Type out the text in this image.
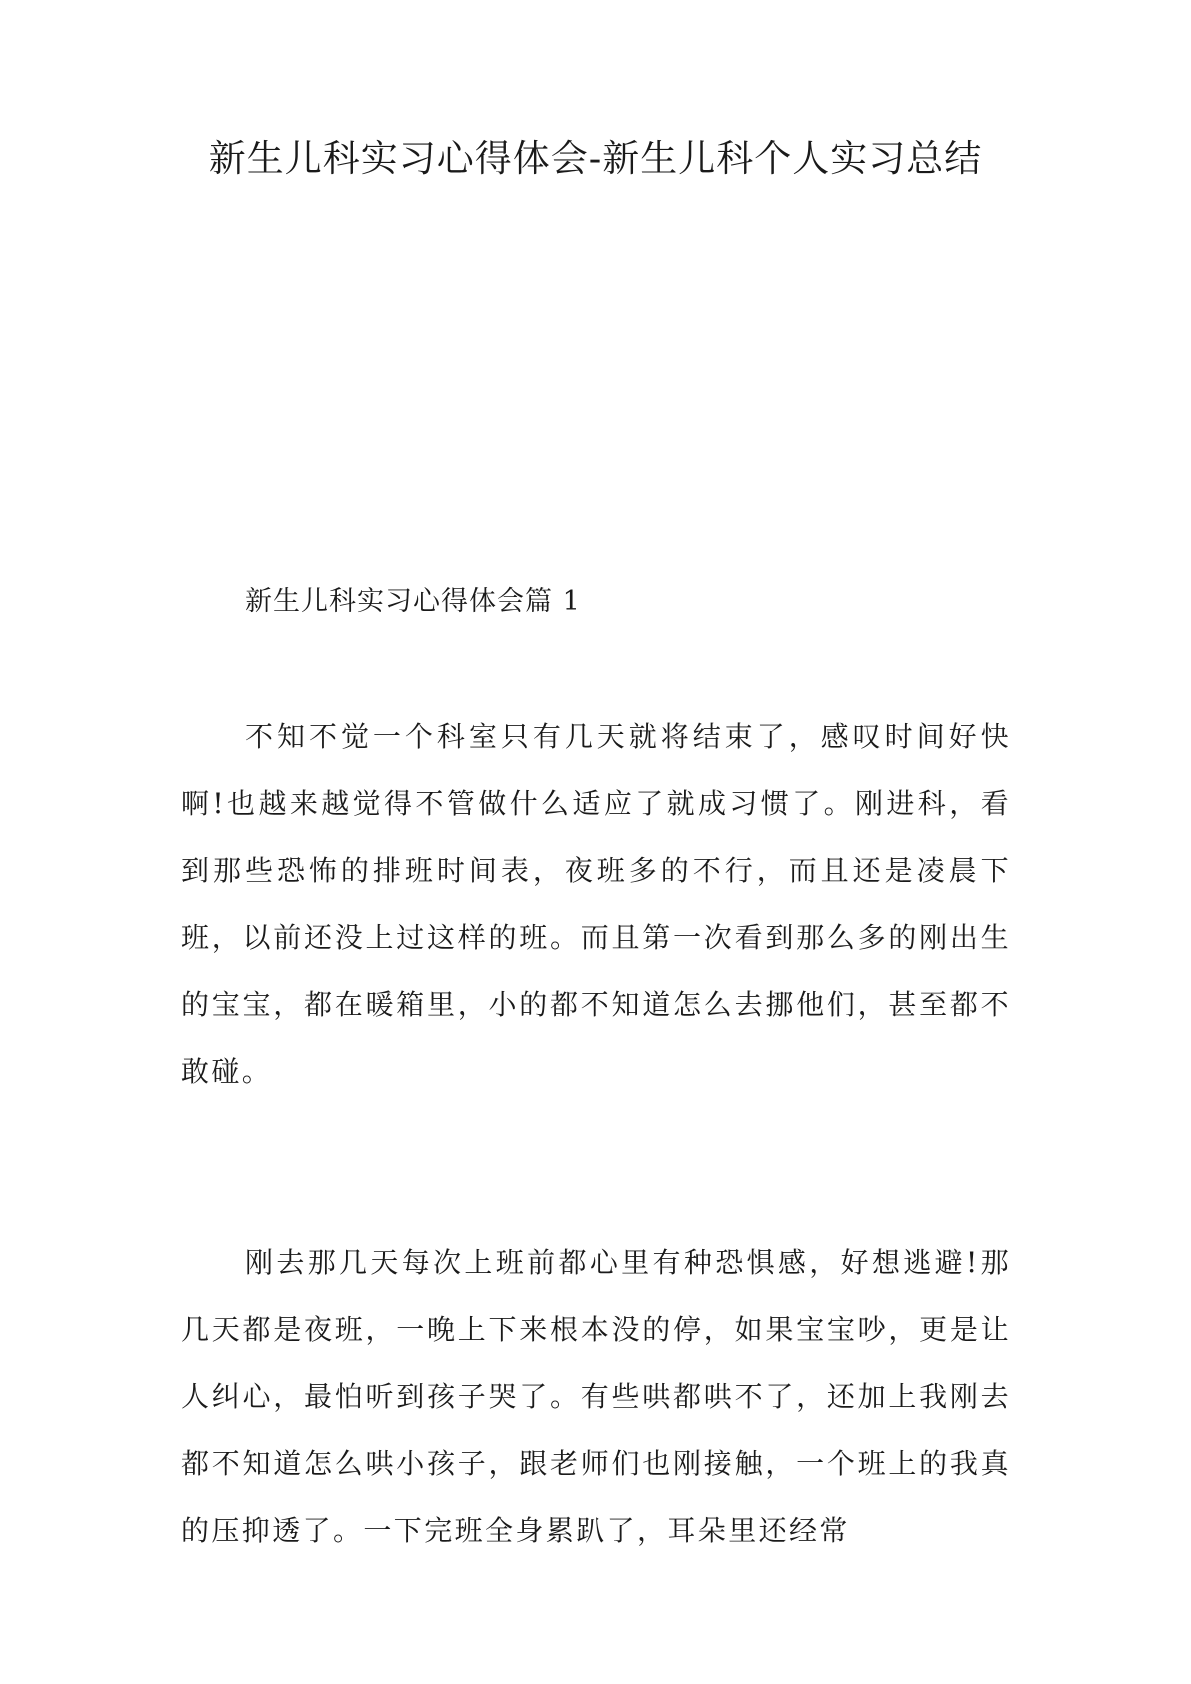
新生儿科实习心得体会-新生儿科个人实习总结
新生儿科实习心得体会篇 1

不知不觉一个科室只有几天就将结束了，感叹时间好快啊!也越来越觉得不管做什么适应了就成习惯了。刚进科，看到那些恐怖的排班时间表，夜班多的不行，而且还是凌晨下班，以前还没上过这样的班。而且第一次看到那么多的刚出生的宝宝，都在暖箱里，小的都不知道怎么去挪他们，甚至都不敢碰。

刚去那几天每次上班前都心里有种恐惧感，好想逃避!那几天都是夜班，一晚上下来根本没的停，如果宝宝吵，更是让人纠心，最怕听到孩子哭了。有些哄都哄不了，还加上我刚去都不知道怎么哄小孩子，跟老师们也刚接触，一个班上的我真的压抑透了。一下完班全身累趴了，耳朵里还经常
